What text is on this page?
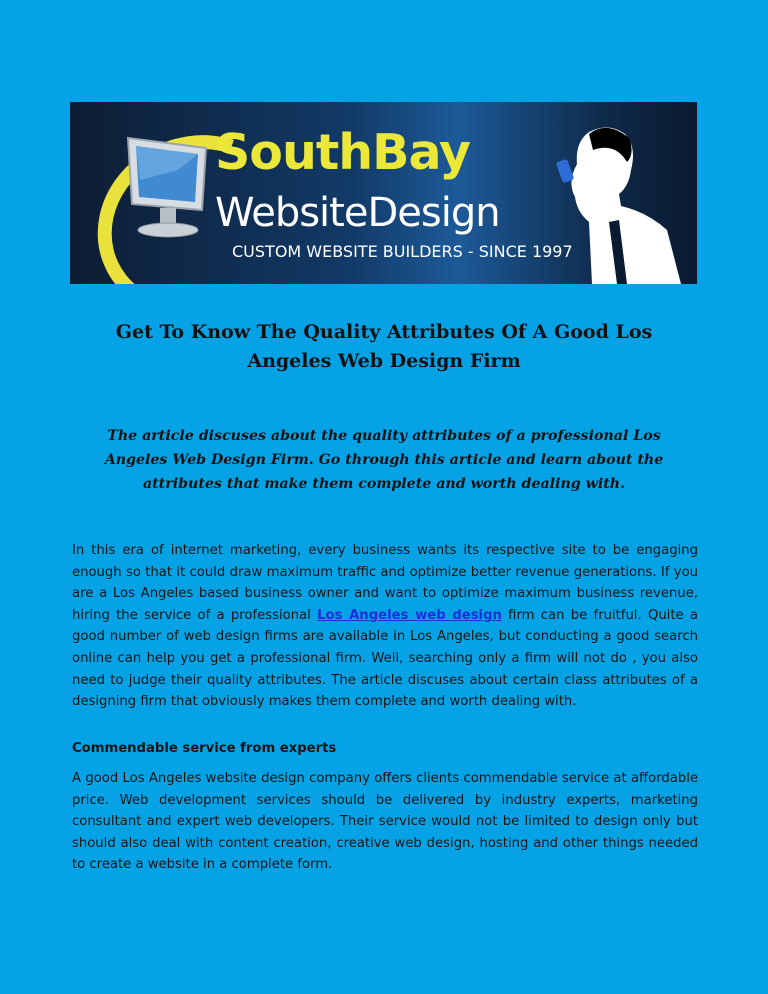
SouthBay
WebsiteDesign
CUSTOM WEBSITE BUILDERS - SINCE 1997
Get To Know The Quality Attributes Of A Good Los Angeles Web Design Firm
The article discuses about the quality attributes of a professional Los Angeles Web Design Firm. Go through this article and learn about the attributes that make them complete and worth dealing with.

In this era of internet marketing, every business wants its respective site to be engaging enough so that it could draw maximum traffic and optimize better revenue generations. If you are a Los Angeles based business owner and want to optimize maximum business revenue, hiring the service of a professional Los Angeles web design firm can be fruitful. Quite a good number of web design firms are available in Los Angeles, but conducting a good search online can help you get a professional firm. Well, searching only a firm will not do , you also need to judge their quality attributes. The article discuses about certain class attributes of a designing firm that obviously makes them complete and worth dealing with.

Commendable service from experts

A good Los Angeles website design company offers clients commendable service at affordable price. Web development services should be delivered by industry experts, marketing consultant and expert web developers. Their service would not be limited to design only but should also deal with content creation, creative web design, hosting and other things needed to create a website in a complete form.
